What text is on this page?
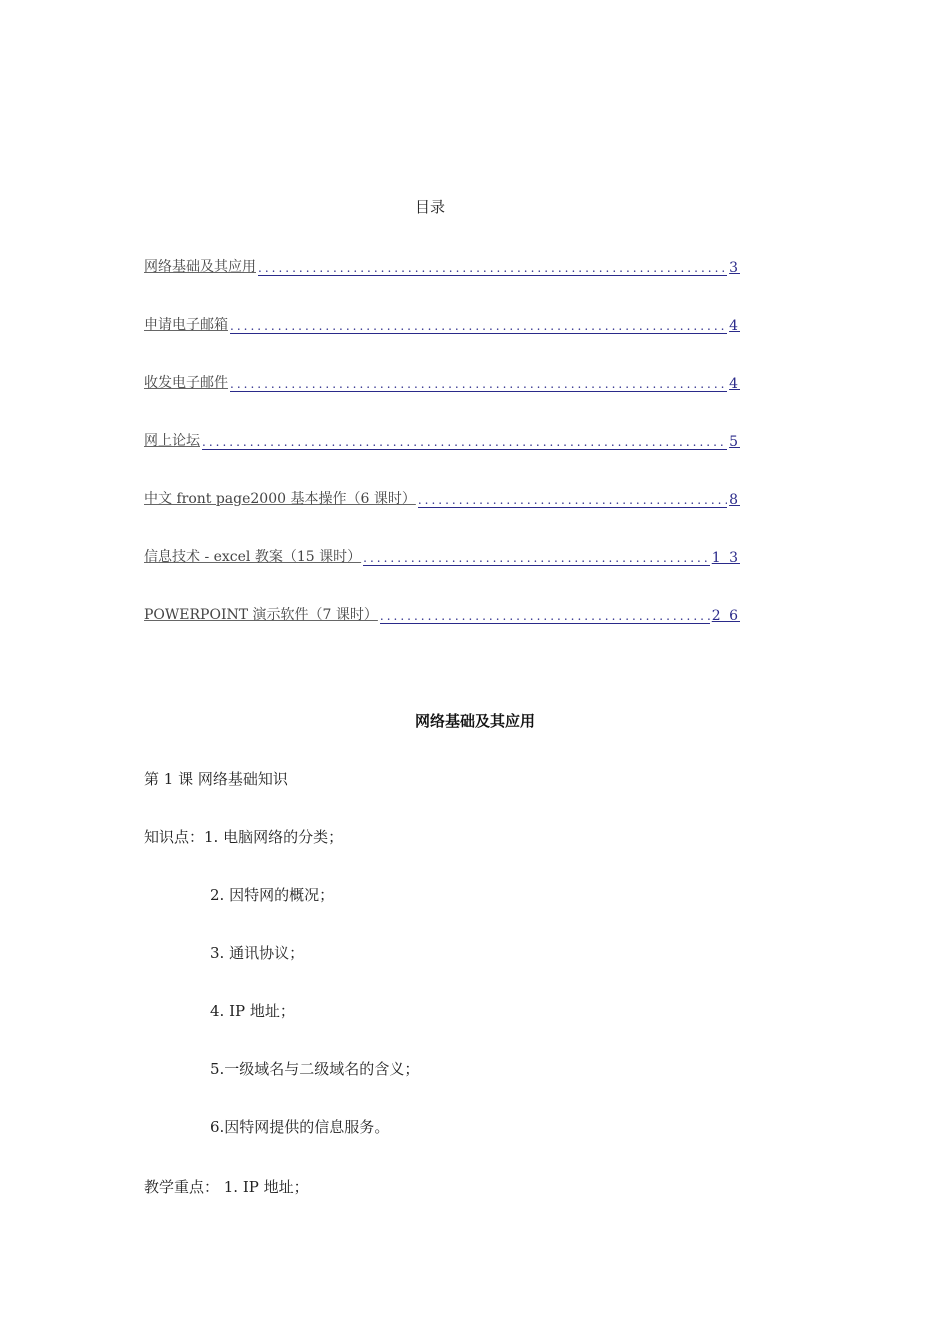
目录
网络基础及其应用 .....	3
申请电子邮箱 .....	4
收发电子邮件 .....	4
网上论坛 .....	5
中文 front page2000 基本操作（6 课时） .....	8
信息技术 - excel 教案（15 课时） .....	1 3
POWERPOINT 演示软件（7 课时） .....	2 6
网络基础及其应用
第 1 课 网络基础知识
知识点：1. 电脑网络的分类；
2. 因特网的概况；
3. 通讯协议；
4. IP 地址；
5.一级域名与二级域名的含义；
6.因特网提供的信息服务。
教学重点： 1. IP 地址；
